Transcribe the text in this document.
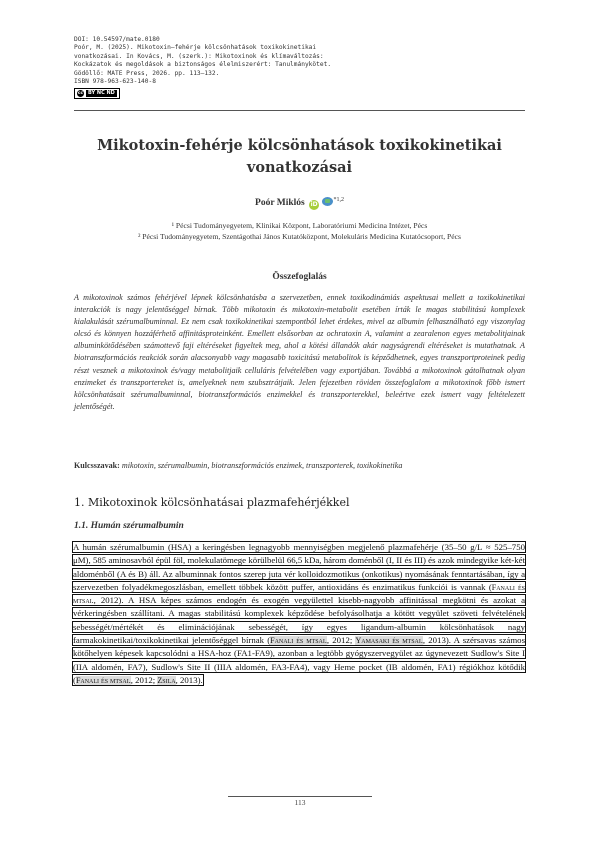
DOI: 10.54597/mate.0180
Poór, M. (2025). Mikotoxin–fehérje kölcsönhatások toxikokinetikai
vonatkozásai. In Kovács, M. (szerk.): Mikotoxinok és klímaváltozás:
Kockázatok és megoldások a biztonságos élelmiszerért: Tanulmánykötet.
Gödöllő: MATE Press, 2026. pp. 113–132.
ISBN 978-963-623-140-8
cc BY NC ND
Mikotoxin-fehérje kölcsönhatások toxikokinetikai vonatkozásai
Poór Miklós iD $^{*1,2}$
¹ Pécsi Tudományegyetem, Klinikai Központ, Laboratóriumi Medicina Intézet, Pécs
² Pécsi Tudományegyetem, Szentágothai János Kutatóközpont, Molekuláris Medicina Kutatócsoport, Pécs
Összefoglalás
A mikotoxinok számos fehérjével lépnek kölcsönhatásba a szervezetben, ennek toxikodinámiás aspektusai mellett a toxikokinetikai interakciók is nagy jelentőséggel bírnak. Több mikotoxin és mikotoxin-metabolit esetében írták le magas stabilitású komplexek kialakulását szérumalbuminnal. Ez nem csak toxikokinetikai szempontból lehet érdekes, mivel az albumin felhasználható egy viszonylag olcsó és könnyen hozzáférhető affinitásproteinként. Emellett elsősorban az ochratoxin A, valamint a zearalenon egyes metabolitjainak albuminkötődésében számottevő faji eltéréseket figyeltek meg, ahol a kötési állandók akár nagyságrendi eltéréseket is mutathatnak. A biotranszformációs reakciók során alacsonyabb vagy magasabb toxicitású metabolitok is képződhetnek, egyes transzportproteinek pedig részt vesznek a mikotoxinok és/vagy metabolitjaik celluláris felvételében vagy exportjában. Továbbá a mikotoxinok gátolhatnak olyan enzimeket és transzportereket is, amelyeknek nem szubsztrátjaik. Jelen fejezetben röviden összefoglalom a mikotoxinok főbb ismert kölcsönhatásait szérumalbuminnal, biotranszformációs enzimekkel és transzporterekkel, beleértve ezek ismert vagy feltételezett jelentőségét.
Kulcsszavak: mikotoxin, szérumalbumin, biotranszformációs enzimek, transzporterek, toxikokinetika
1. Mikotoxinok kölcsönhatásai plazmafehérjékkel
1.1. Humán szérumalbumin
A humán szérumalbumin (HSA) a keringésben legnagyobb mennyiségben megjelenő plazmafehérje (35–50 g/L ≈ 525–750 μM), 585 aminosavból épül föl, molekulatömege körülbelül 66,5 kDa, három doménből (I, II és III) és azok mindegyike két-két aldoménből (A és B) áll. Az albuminnak fontos szerep juta vér kolloidozmotikus (onkotikus) nyomásának fenntartásában, így a szervezetben folyadékmegoszlásban, emellett többek között puffer, antioxidáns és enzimatikus funkciói is vannak (Fanali és mtsai., 2012). A HSA képes számos endogén és exogén vegyülettel kisebb-nagyobb affinitással megkötni és azokat a vérkeringésben szállítani. A magas stabilitású komplexek képződése befolyásolhatja a kötött vegyület szöveti felvételének sebességét/mértékét és eliminációjának sebességét, így egyes ligandum-albumin kölcsönhatások nagy farmakokinetikai/toxikokinetikai jelentőséggel bírnak (Fanali és mtsai., 2012; Yamasaki és mtsai., 2013). A szérsavas számos kötőhelyen képesek kapcsolódni a HSA-hoz (FA1-FA9), azonban a legtöbb gyógyszervegyület az úgynevezett Sudlow's Site I (IIA aldomén, FA7), Sudlow's Site II (IIIA aldomén, FA3-FA4), vagy Heme pocket (IB aldomén, FA1) régiókhoz kötődik (Fanali és mtsai., 2012; Zsila, 2013).
113
